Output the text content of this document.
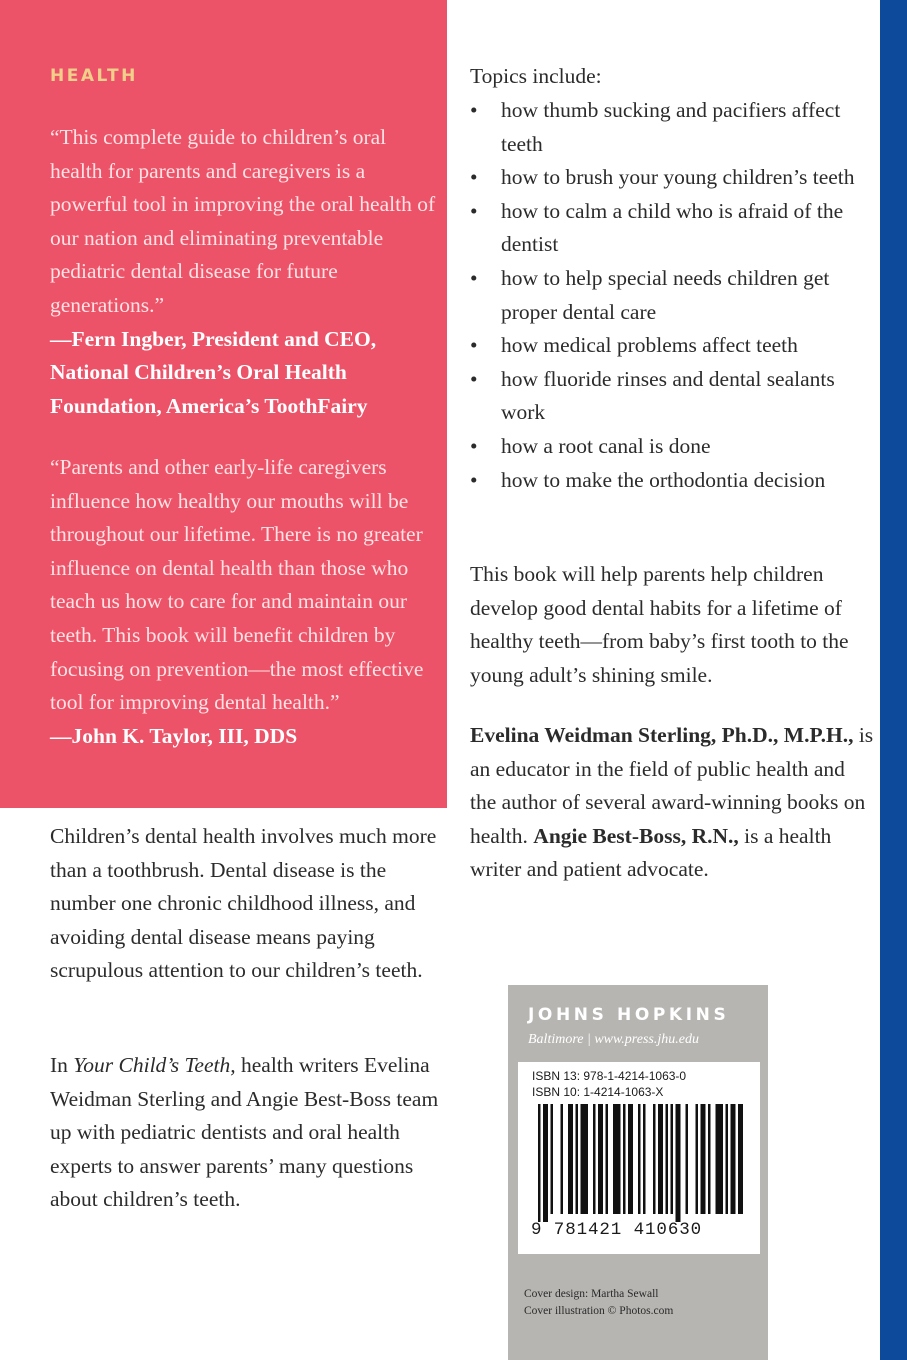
HEALTH
“This complete guide to children’s oral health for parents and caregivers is a powerful tool in improving the oral health of our nation and eliminating preventable pediatric dental disease for future generations.”
—Fern Ingber, President and CEO, National Children’s Oral Health Foundation, America’s ToothFairy
“Parents and other early-life caregivers influence how healthy our mouths will be throughout our lifetime. There is no greater influence on dental health than those who teach us how to care for and maintain our teeth. This book will benefit children by focusing on prevention—the most effective tool for improving dental health.”
—John K. Taylor, III, DDS

Children’s dental health involves much more than a toothbrush. Dental disease is the number one chronic childhood illness, and avoiding dental disease means paying scrupulous attention to our children’s teeth.

In Your Child’s Teeth, health writers Evelina Weidman Sterling and Angie Best-Boss team up with pediatric dentists and oral health experts to answer parents’ many questions about children’s teeth.

Topics include:

• how thumb sucking and pacifiers affect teeth
• how to brush your young children’s teeth
• how to calm a child who is afraid of the dentist
• how to help special needs children get proper dental care
• how medical problems affect teeth
• how fluoride rinses and dental sealants work
• how a root canal is done
• how to make the orthodontia decision

This book will help parents help children develop good dental habits for a lifetime of healthy teeth—from baby’s first tooth to the young adult’s shining smile.

Evelina Weidman Sterling, Ph.D., M.P.H., is an educator in the field of public health and the author of several award-winning books on health. Angie Best-Boss, R.N., is a health writer and patient advocate.

JOHNS HOPKINS
Baltimore | www.press.jhu.edu
ISBN 13: 978-1-4214-1063-0
ISBN 10: 1-4214-1063-X
9 781421 410630
Cover design: Martha Sewall
Cover illustration © Photos.com
